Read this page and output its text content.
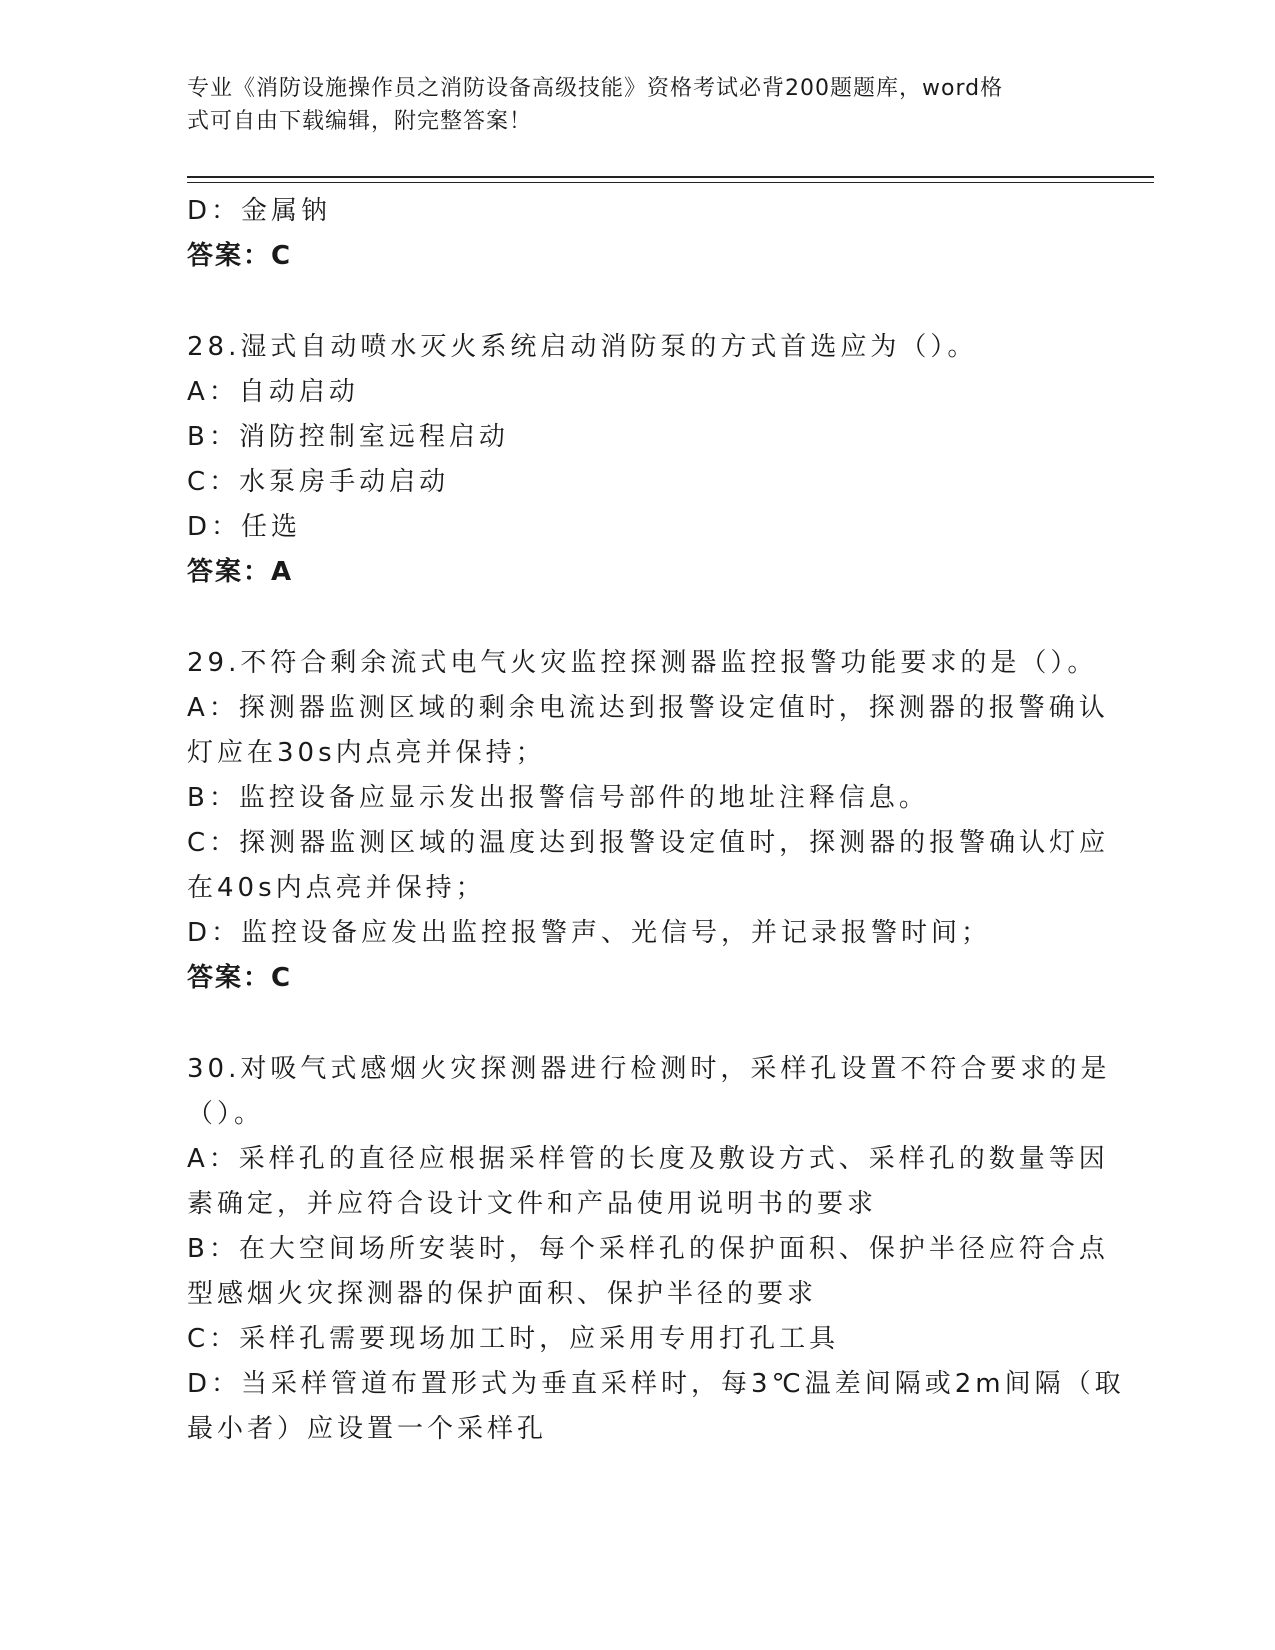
专业《消防设施操作员之消防设备高级技能》资格考试必背200题题库，word格
式可自由下载编辑，附完整答案！
D：金属钠
答案：C
28.湿式自动喷水灭火系统启动消防泵的方式首选应为（）。
A：自动启动
B：消防控制室远程启动
C：水泵房手动启动
D：任选
答案：A
29.不符合剩余流式电气火灾监控探测器监控报警功能要求的是（）。
A：探测器监测区域的剩余电流达到报警设定值时，探测器的报警确认
灯应在30s内点亮并保持；
B：监控设备应显示发出报警信号部件的地址注释信息。
C：探测器监测区域的温度达到报警设定值时，探测器的报警确认灯应
在40s内点亮并保持；
D：监控设备应发出监控报警声、光信号，并记录报警时间；
答案：C
30.对吸气式感烟火灾探测器进行检测时，采样孔设置不符合要求的是
（）。
A：采样孔的直径应根据采样管的长度及敷设方式、采样孔的数量等因
素确定，并应符合设计文件和产品使用说明书的要求
B：在大空间场所安装时，每个采样孔的保护面积、保护半径应符合点
型感烟火灾探测器的保护面积、保护半径的要求
C：采样孔需要现场加工时，应采用专用打孔工具
D：当采样管道布置形式为垂直采样时，每3℃温差间隔或2m间隔（取
最小者）应设置一个采样孔
